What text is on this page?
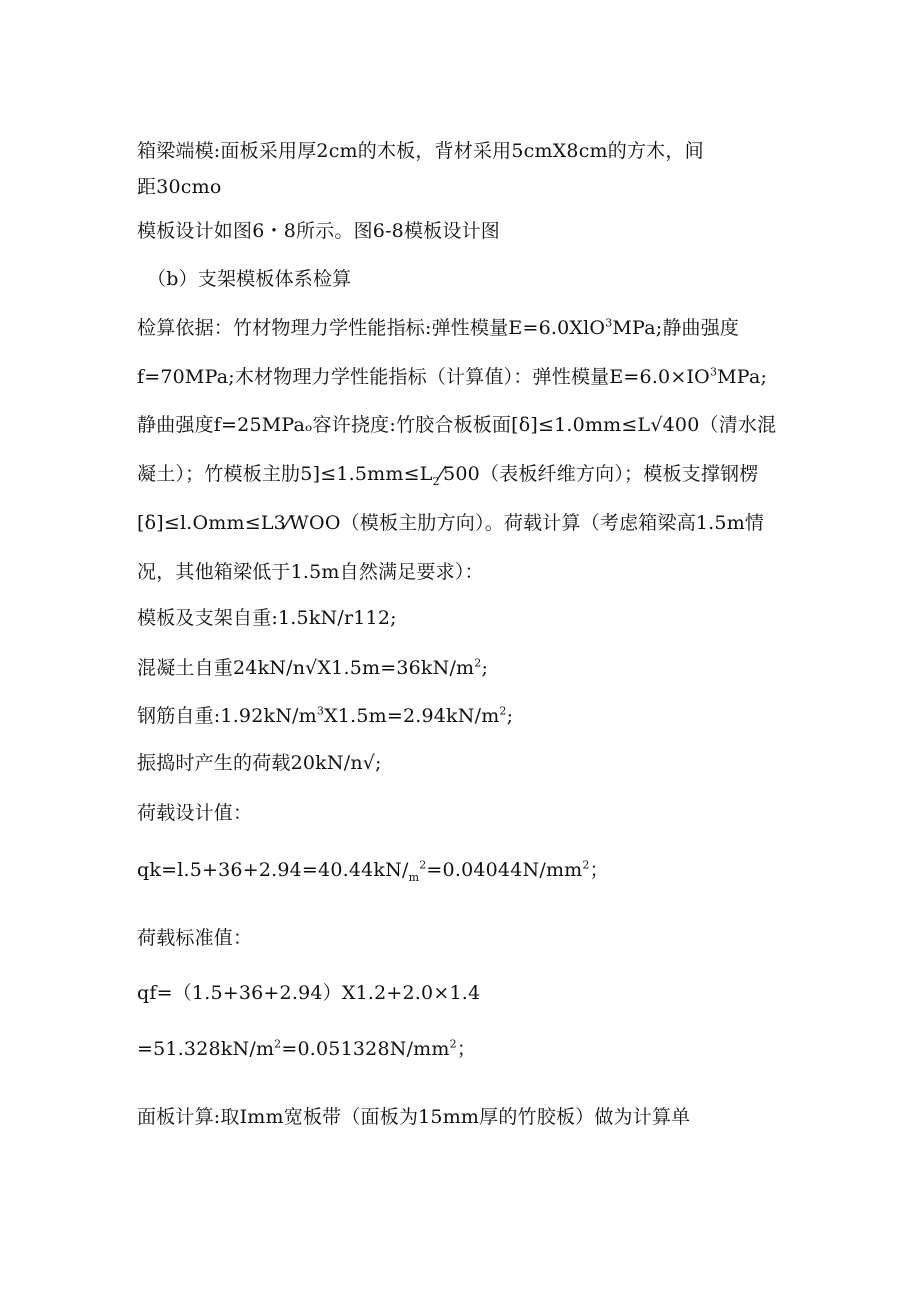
箱梁端模:面板采用厚2cm的木板，背材采用5cmX8cm的方木，间
距30cmo
模板设计如图6・8所示。图6-8模板设计图
（b）支架模板体系检算
检算依据：竹材物理力学性能指标:弹性模量E=6.0XlO$^3$MPa;静曲强度
f=70MPa;木材物理力学性能指标（计算值）：弹性模量$E=6.0\times IO^3MPa$;
静曲强度f=25MPaₒ容许挠度:竹胶合板板面[δ]≤1.0mm≤L√400（清水混
凝土）；竹模板主肋$5]\le 1.5mm\le L_2⁄500$（表板纤维方向）；模板支撑钢楞
[δ]≤l.Omm≤L3⁄WOO（模板主肋方向）。荷载计算（考虑箱梁高1.5m情
况，其他箱梁低于1.5m自然满足要求）：
模板及支架自重:1.5kN∕r112;
混凝土自重$24kN∕n√X1.5m=36kN/m^2$;
钢筋自重$:1.92kN∕m^3X1.5m=2.94kN∕m^2$;
振捣时产生的荷载20kN∕n√;
荷载设计值：
$qk=l.5+36+2.94=40.44kN/_m^2=0.04044N/mm^2$；
荷载标准值：
qf=（1.5+36+2.94）X1.2+2.0×1.4
$=51.328kN/m^2=0.051328N/mm^2$；
面板计算:取Imm宽板带（面板为15mm厚的竹胶板）做为计算单
